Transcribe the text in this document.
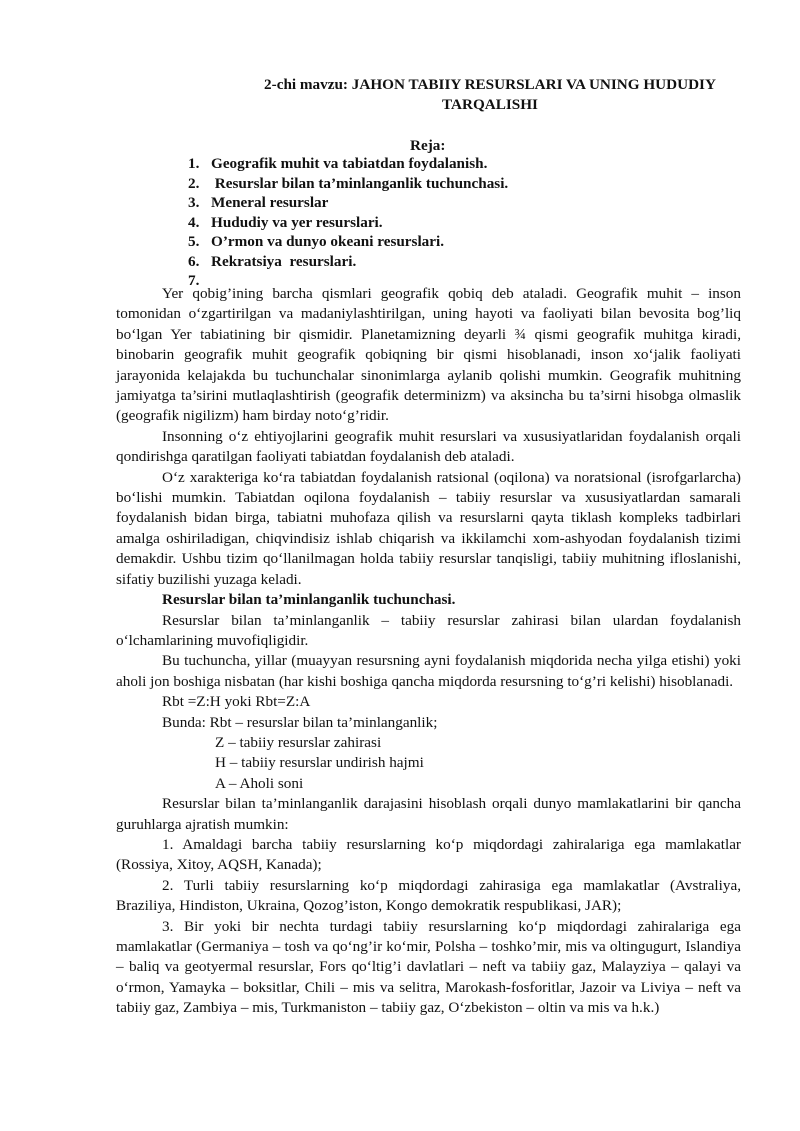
2-chi mavzu: JAHON TABIIY RESURSLARI VA UNING HUDUDIY
TARQALISHI
Reja:
1. Geografik muhit va tabiatdan foydalanish.
2. Resurslar bilan ta’minlanganlik tuchunchasi.
3. Meneral resurslar
4. Hududiy va yer resurslari.
5. O’rmon va dunyo okeani resurslari.
6. Rekratsiya  resurslari.
7.

Yer qobig’ining barcha qismlari geografik qobiq deb ataladi. Geografik muhit – inson tomonidan o‘zgartirilgan va madaniylashtirilgan, uning hayoti va faoliyati bilan bevosita bog’liq bo‘lgan Yer tabiatining bir qismidir. Planetamizning deyarli ¾ qismi geografik muhitga kiradi, binobarin geografik muhit geografik qobiqning bir qismi hisoblanadi, inson xo‘jalik faoliyati jarayonida kelajakda bu tuchunchalar sinonimlarga aylanib qolishi mumkin. Geografik muhitning jamiyatga ta’sirini mutlaqlashtirish (geografik determinizm) va aksincha bu ta’sirni hisobga olmaslik (geografik nigilizm) ham birday noto‘g’ridir.

Insonning o‘z ehtiyojlarini geografik muhit resurslari va xususiyatlaridan foydalanish orqali qondirishga qaratilgan faoliyati tabiatdan foydalanish deb ataladi.

O‘z xarakteriga ko‘ra tabiatdan foydalanish ratsional (oqilona) va noratsional (isrofgarlarcha) bo‘lishi mumkin. Tabiatdan oqilona foydalanish – tabiiy resurslar va xususiyatlardan samarali foydalanish bidan birga, tabiatni muhofaza qilish va resurslarni qayta tiklash kompleks tadbirlari amalga oshiriladigan, chiqvindisiz ishlab chiqarish va ikkilamchi xom-ashyodan foydalanish tizimi demakdir. Ushbu tizim qo‘llanilmagan holda tabiiy resurslar tanqisligi, tabiiy muhitning ifloslanishi, sifatiy buzilishi yuzaga keladi.

Resurslar bilan ta’minlanganlik tuchunchasi.

Resurslar bilan ta’minlanganlik – tabiiy resurslar zahirasi bilan ulardan foydalanish o‘lchamlarining muvofiqligidir.

Bu tuchuncha, yillar (muayyan resursning ayni foydalanish miqdorida necha yilga etishi) yoki aholi jon boshiga nisbatan (har kishi boshiga qancha miqdorda resursning to‘g’ri kelishi) hisoblanadi.

Rbt =Z:H yoki Rbt=Z:A

Bunda: Rbt – resurslar bilan ta’minlanganlik;

Z – tabiiy resurslar zahirasi

H – tabiiy resurslar undirish hajmi

A – Aholi soni

Resurslar bilan ta’minlanganlik darajasini hisoblash orqali dunyo mamlakatlarini bir qancha guruhlarga ajratish mumkin:

1. Amaldagi barcha tabiiy resurslarning ko‘p miqdordagi zahiralariga ega mamlakatlar (Rossiya, Xitoy, AQSH, Kanada);

2. Turli tabiiy resurslarning ko‘p miqdordagi zahirasiga ega mamlakatlar (Avstraliya, Braziliya, Hindiston, Ukraina, Qozog’iston, Kongo demokratik respublikasi, JAR);

3. Bir yoki bir nechta turdagi tabiiy resurslarning ko‘p miqdordagi zahiralariga ega mamlakatlar (Germaniya – tosh va qo‘ng’ir ko‘mir, Polsha – toshko’mir, mis va oltingugurt, Islandiya – baliq va geotyermal resurslar, Fors qo‘ltig’i davlatlari – neft va tabiiy gaz, Malayziya – qalayi va o‘rmon, Yamayka – boksitlar, Chili – mis va selitra, Marokash-fosforitlar, Jazoir va Liviya – neft va tabiiy gaz, Zambiya – mis, Turkmaniston – tabiiy gaz, O‘zbekiston – oltin va mis va h.k.)
